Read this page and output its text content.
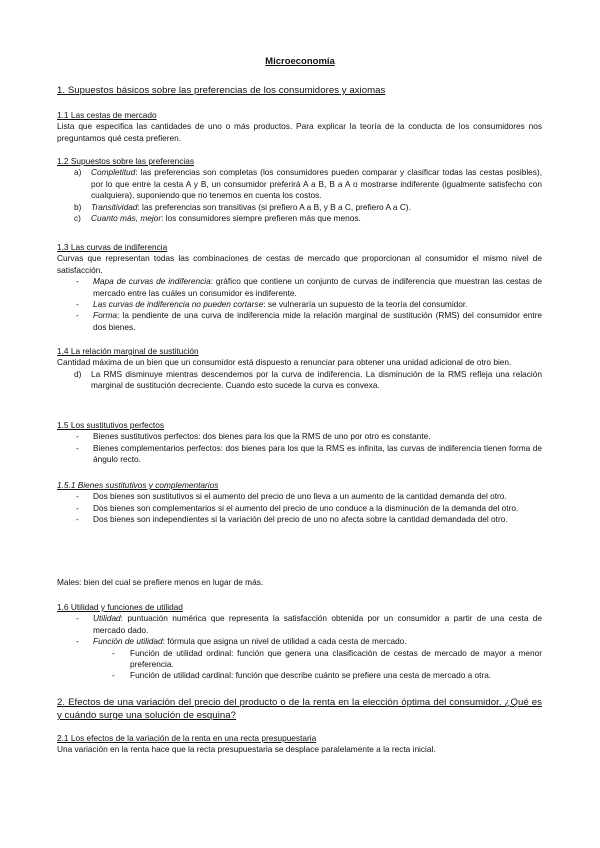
Microeconomía
1. Supuestos básicos sobre las preferencias de los consumidores y axiomas
1.1 Las cestas de mercado

Lista que especifica las cantidades de uno o más productos. Para explicar la teoría de la conducta de los consumidores nos preguntamos qué cesta prefieren.

1.2 Supuestos sobre las preferencias
a) Completitud: las preferencias son completas (los consumidores pueden comparar y clasificar todas las cestas posibles), por lo que entre la cesta A y B, un consumidor preferirá A a B, B a A o mostrarse indiferente (igualmente satisfecho con cualquiera), suponiendo que no tenemos en cuenta los costos.
b) Transitividad: las preferencias son transitivas (si prefiero A a B, y B a C, prefiero A a C).
c) Cuanto más, mejor: los consumidores siempre prefieren más que menos.
1.3 Las curvas de indiferencia

Curvas que representan todas las combinaciones de cestas de mercado que proporcionan al consumidor el mismo nivel de satisfacción.

- Mapa de curvas de indiferencia: gráfico que contiene un conjunto de curvas de indiferencia que muestran las cestas de mercado entre las cuáles un consumidor es indiferente.
- Las curvas de indiferencia no pueden cortarse: se vulneraría un supuesto de la teoría del consumidor.
- Forma: la pendiente de una curva de indiferencia mide la relación marginal de sustitución (RMS) del consumidor entre dos bienes.
1.4 La relación marginal de sustitución

Cantidad máxima de un bien que un consumidor está dispuesto a renunciar para obtener una unidad adicional de otro bien.

d) La RMS disminuye mientras descendemos por la curva de indiferencia. La disminución de la RMS refleja una relación marginal de sustitución decreciente. Cuando esto sucede la curva es convexa.
1.5 Los sustitutivos perfectos
- Bienes sustitutivos perfectos: dos bienes para los que la RMS de uno por otro es constante.
- Bienes complementarios perfectos: dos bienes para los que la RMS es infinita, las curvas de indiferencia tienen forma de ángulo recto.
1.5.1 Bienes sustitutivos y complementarios
- Dos bienes son sustitutivos si el aumento del precio de uno lleva a un aumento de la cantidad demanda del otro.
- Dos bienes son complementarios si el aumento del precio de uno conduce a la disminución de la demanda del otro.
- Dos bienes son independientes si la variación del precio de uno no afecta sobre la cantidad demandada del otro.
Males: bien del cual se prefiere menos en lugar de más.
1.6 Utilidad y funciones de utilidad
- Utilidad: puntuación numérica que representa la satisfacción obtenida por un consumidor a partir de una cesta de mercado dado.
- Función de utilidad: fórmula que asigna un nivel de utilidad a cada cesta de mercado.
- Función de utilidad ordinal: función que genera una clasificación de cestas de mercado de mayor a menor preferencia.
- Función de utilidad cardinal: función que describe cuánto se prefiere una cesta de mercado a otra.
2. Efectos de una variación del precio del producto o de la renta en la elección óptima del consumidor. ¿Qué es y cuándo surge una solución de esquina?
2.1 Los efectos de la variación de la renta en una recta presupuestaria

Una variación en la renta hace que la recta presupuestaria se desplace paralelamente a la recta inicial.
